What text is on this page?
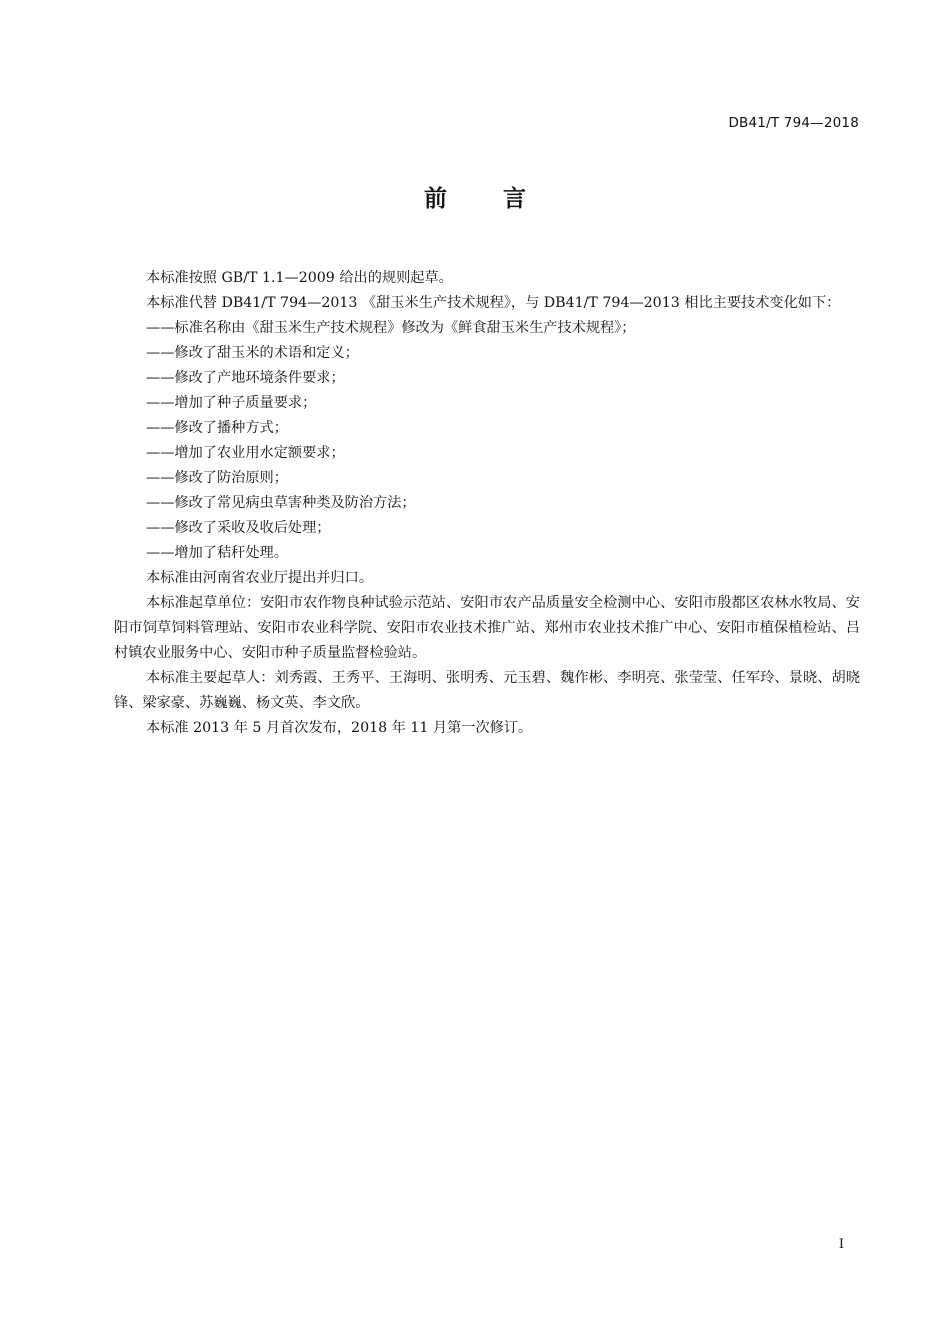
DB41/T 794—2018
前言

本标准按照 GB/T 1.1—2009 给出的规则起草。

本标准代替 DB41/T 794—2013 《甜玉米生产技术规程》，与 DB41/T 794—2013 相比主要技术变化如下：

——标准名称由《甜玉米生产技术规程》修改为《鲜食甜玉米生产技术规程》；

——修改了甜玉米的术语和定义；

——修改了产地环境条件要求；

——增加了种子质量要求；

——修改了播种方式；

——增加了农业用水定额要求；

——修改了防治原则；

——修改了常见病虫草害种类及防治方法；

——修改了采收及收后处理；

——增加了秸秆处理。

本标准由河南省农业厅提出并归口。

本标准起草单位：安阳市农作物良种试验示范站、安阳市农产品质量安全检测中心、安阳市殷都区农林水牧局、安阳市饲草饲料管理站、安阳市农业科学院、安阳市农业技术推广站、郑州市农业技术推广中心、安阳市植保植检站、吕村镇农业服务中心、安阳市种子质量监督检验站。

本标准主要起草人：刘秀霞、王秀平、王海明、张明秀、元玉碧、魏作彬、李明亮、张莹莹、任军玲、景晓、胡晓锋、梁家豪、苏巍巍、杨文英、李文欣。

本标准 2013 年 5 月首次发布，2018 年 11 月第一次修订。

I
